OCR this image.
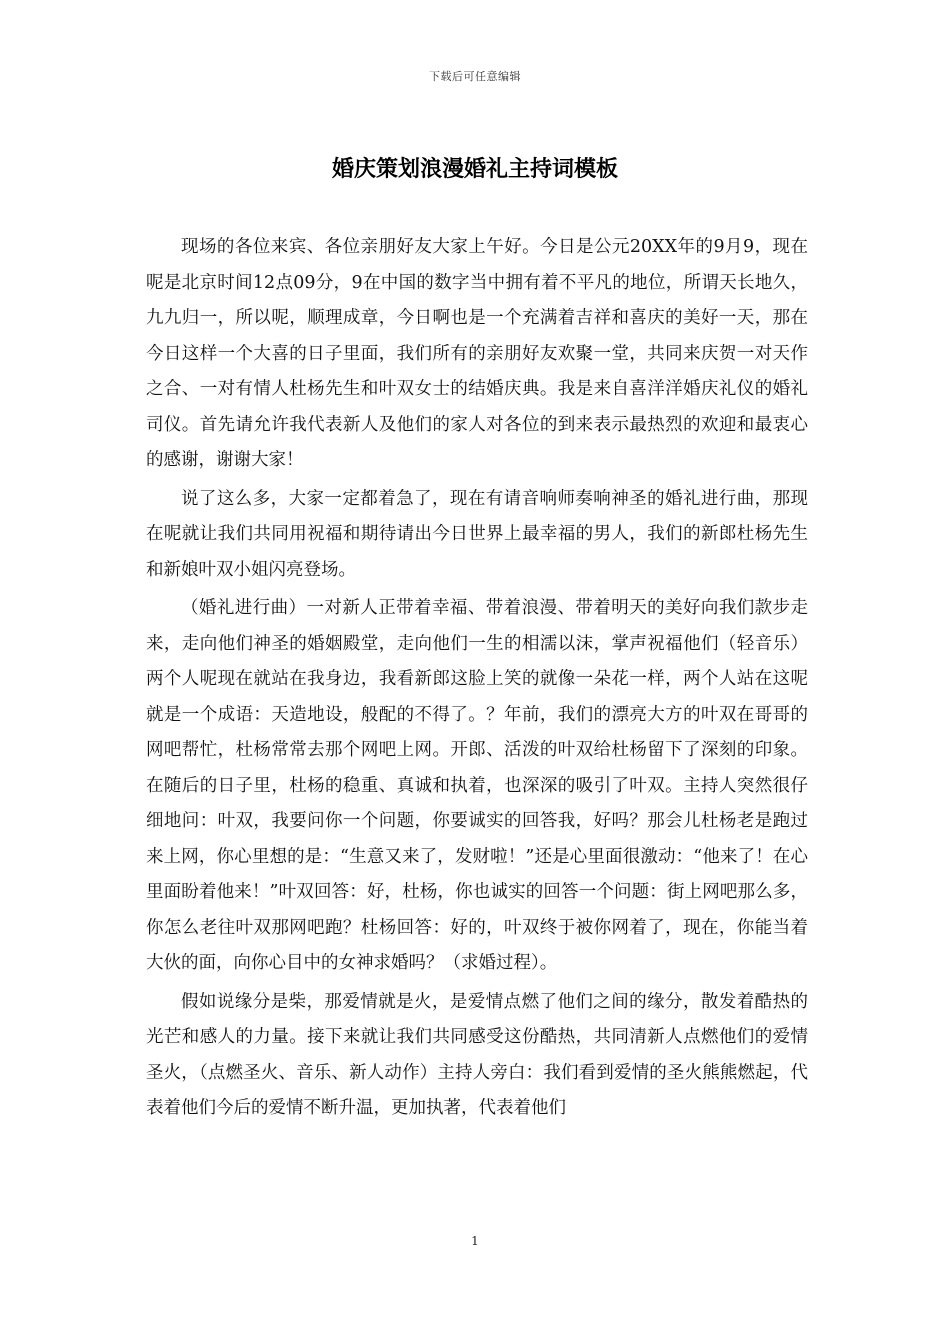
下载后可任意编辑
婚庆策划浪漫婚礼主持词模板

现场的各位来宾、各位亲朋好友大家上午好。今日是公元20XX年的9月9，现在呢是北京时间12点09分，9在中国的数字当中拥有着不平凡的地位，所谓天长地久，九九归一，所以呢，顺理成章，今日啊也是一个充满着吉祥和喜庆的美好一天，那在今日这样一个大喜的日子里面，我们所有的亲朋好友欢聚一堂，共同来庆贺一对天作之合、一对有情人杜杨先生和叶双女士的结婚庆典。我是来自喜洋洋婚庆礼仪的婚礼司仪。首先请允许我代表新人及他们的家人对各位的到来表示最热烈的欢迎和最衷心的感谢，谢谢大家！

说了这么多，大家一定都着急了，现在有请音响师奏响神圣的婚礼进行曲，那现在呢就让我们共同用祝福和期待请出今日世界上最幸福的男人，我们的新郎杜杨先生和新娘叶双小姐闪亮登场。

（婚礼进行曲）一对新人正带着幸福、带着浪漫、带着明天的美好向我们款步走来，走向他们神圣的婚姻殿堂，走向他们一生的相濡以沫，掌声祝福他们（轻音乐）两个人呢现在就站在我身边，我看新郎这脸上笑的就像一朵花一样，两个人站在这呢就是一个成语：天造地设，般配的不得了。？年前，我们的漂亮大方的叶双在哥哥的网吧帮忙，杜杨常常去那个网吧上网。开郎、活泼的叶双给杜杨留下了深刻的印象。在随后的日子里，杜杨的稳重、真诚和执着，也深深的吸引了叶双。主持人突然很仔细地问：叶双，我要问你一个问题，你要诚实的回答我，好吗？那会儿杜杨老是跑过来上网，你心里想的是：“生意又来了，发财啦！”还是心里面很激动：“他来了！在心里面盼着他来！”叶双回答：好，杜杨，你也诚实的回答一个问题：街上网吧那么多，你怎么老往叶双那网吧跑？杜杨回答：好的，叶双终于被你网着了，现在，你能当着大伙的面，向你心目中的女神求婚吗？（求婚过程）。

假如说缘分是柴，那爱情就是火，是爱情点燃了他们之间的缘分，散发着酷热的光芒和感人的力量。接下来就让我们共同感受这份酷热，共同清新人点燃他们的爱情圣火，（点燃圣火、音乐、新人动作）主持人旁白：我们看到爱情的圣火熊熊燃起，代表着他们今后的爱情不断升温，更加执著，代表着他们

1
